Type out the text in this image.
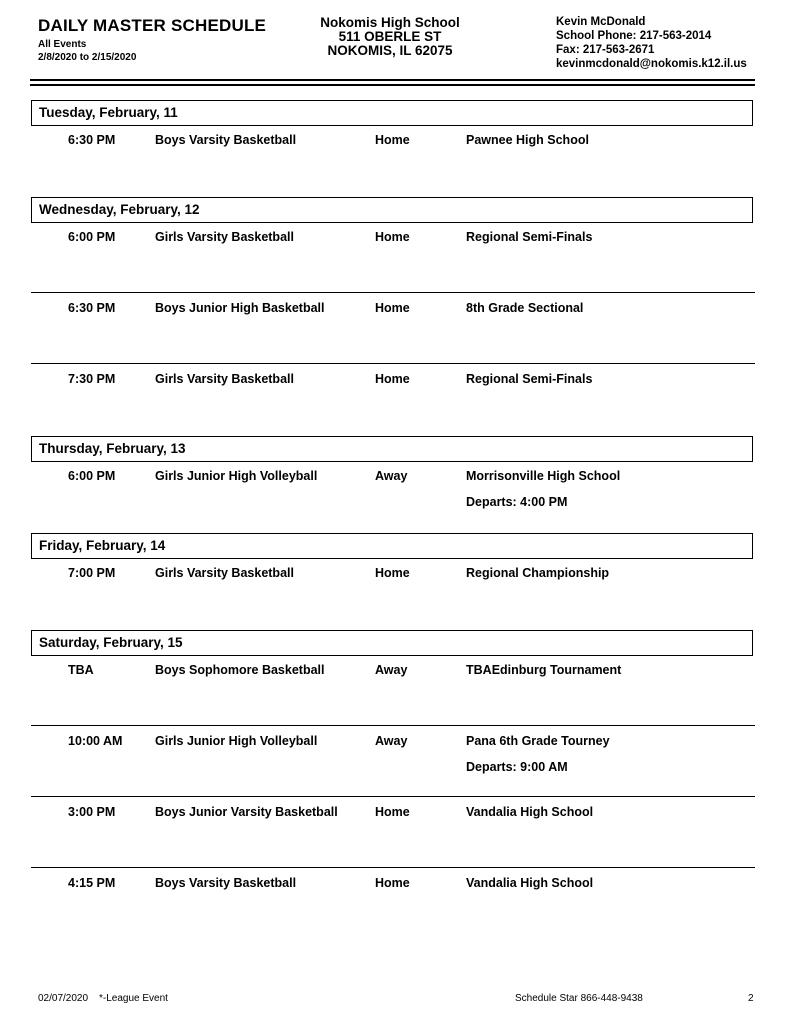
DAILY MASTER SCHEDULE
All Events
2/8/2020 to 2/15/2020
Nokomis High School
511 OBERLE ST
NOKOMIS, IL 62075
Kevin McDonald
School Phone: 217-563-2014
Fax: 217-563-2671
kevinmcdonald@nokomis.k12.il.us
Tuesday, February, 11
6:30 PM	Boys Varsity Basketball	Home	Pawnee High School
Wednesday, February, 12
6:00 PM	Girls Varsity Basketball	Home	Regional Semi-Finals
6:30 PM	Boys Junior High Basketball	Home	8th Grade Sectional
7:30 PM	Girls Varsity Basketball	Home	Regional Semi-Finals
Thursday, February, 13
6:00 PM	Girls Junior High Volleyball	Away	Morrisonville High School
Departs: 4:00 PM
Friday, February, 14
7:00 PM	Girls Varsity Basketball	Home	Regional Championship
Saturday, February, 15
TBA	Boys Sophomore Basketball	Away	TBAEdinburg Tournament
10:00 AM	Girls Junior High Volleyball	Away	Pana 6th Grade Tourney
Departs: 9:00 AM
3:00 PM	Boys Junior Varsity Basketball	Home	Vandalia High School
4:15 PM	Boys Varsity Basketball	Home	Vandalia High School
02/07/2020 *-League Event	Schedule Star 866-448-9438	2
